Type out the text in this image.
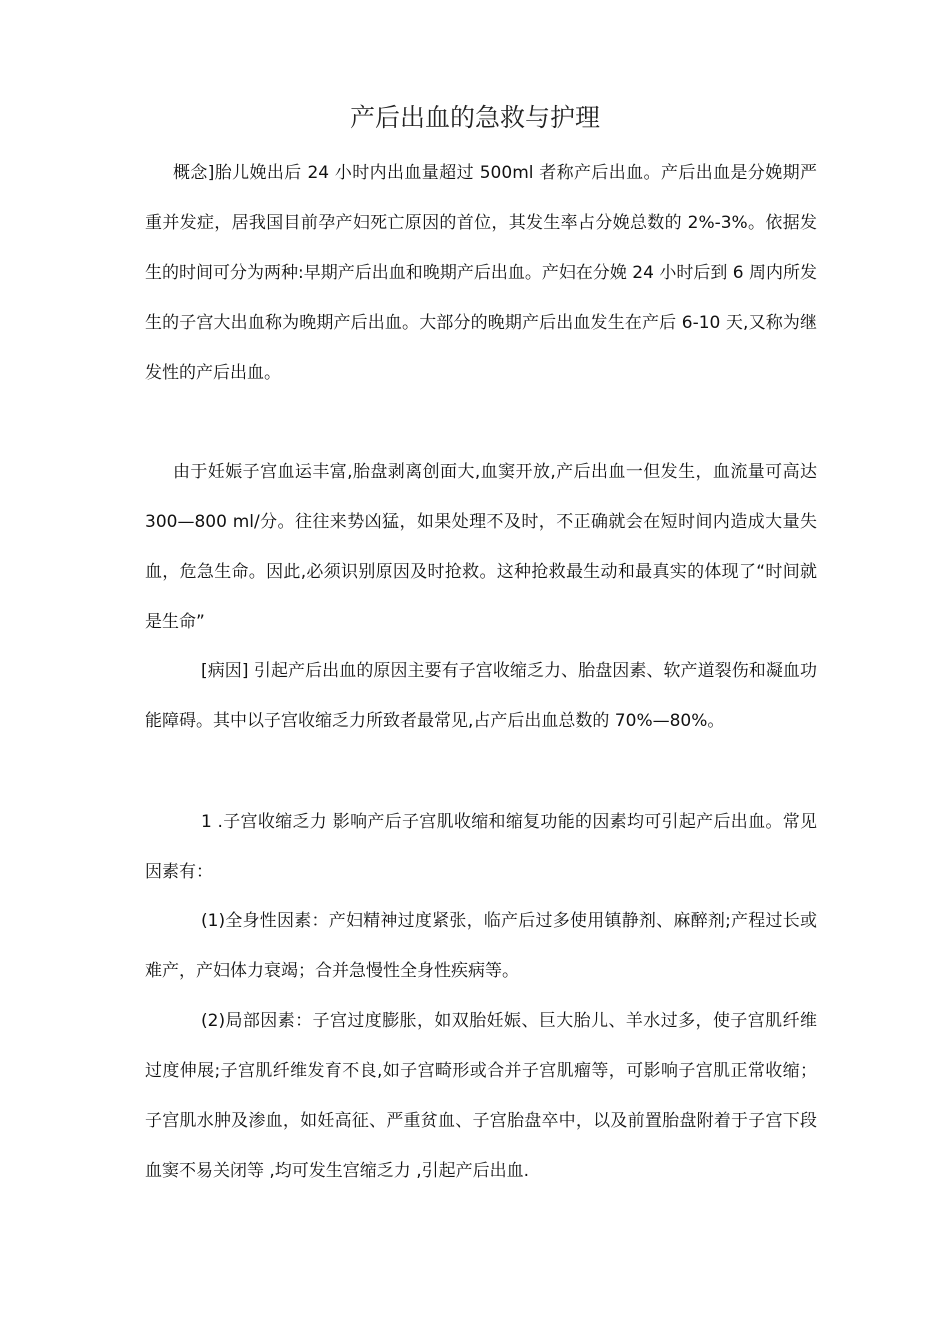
产后出血的急救与护理

概念]胎儿娩出后 24 小时内出血量超过 500ml 者称产后出血。产后出血是分娩期严重并发症，居我国目前孕产妇死亡原因的首位，其发生率占分娩总数的 2%-3%。依据发生的时间可分为两种:早期产后出血和晚期产后出血。产妇在分娩 24 小时后到 6 周内所发生的子宫大出血称为晚期产后出血。大部分的晚期产后出血发生在产后 6-10 天,又称为继发性的产后出血。

由于妊娠子宫血运丰富,胎盘剥离创面大,血窦开放,产后出血一但发生，血流量可高达 300—800 ml/分。往往来势凶猛，如果处理不及时，不正确就会在短时间内造成大量失血，危急生命。因此,必须识别原因及时抢救。这种抢救最生动和最真实的体现了“时间就是生命”

[病因] 引起产后出血的原因主要有子宫收缩乏力、胎盘因素、软产道裂伤和凝血功能障碍。其中以子宫收缩乏力所致者最常见,占产后出血总数的 70%—80%。

1 .子宫收缩乏力 影响产后子宫肌收缩和缩复功能的因素均可引起产后出血。常见因素有：

(1)全身性因素：产妇精神过度紧张，临产后过多使用镇静剂、麻醉剂;产程过长或难产，产妇体力衰竭；合并急慢性全身性疾病等。

(2)局部因素：子宫过度膨胀，如双胎妊娠、巨大胎儿、羊水过多，使子宫肌纤维过度伸展;子宫肌纤维发育不良,如子宫畸形或合并子宫肌瘤等，可影响子宫肌正常收缩；子宫肌水肿及渗血，如妊高征、严重贫血、子宫胎盘卒中，以及前置胎盘附着于子宫下段血窦不易关闭等 ,均可发生宫缩乏力 ,引起产后出血.
